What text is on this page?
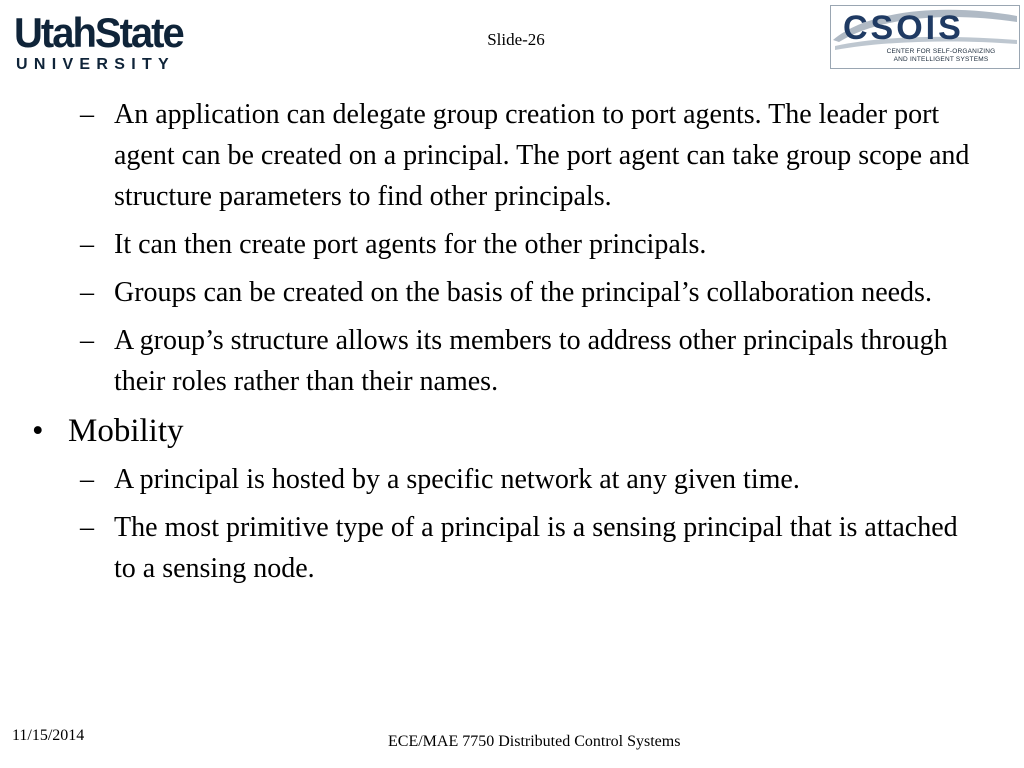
UtahState
UNIVERSITY
Slide-26	CSOIS
CENTER FOR SELF-ORGANIZING
AND INTELLIGENT SYSTEMS
– An application can delegate group creation to port agents. The leader port agent can be created on a principal. The port agent can take group scope and structure parameters to find other principals.
– It can then create port agents for the other principals.
– Groups can be created on the basis of the principal’s collaboration needs.
– A group’s structure allows its members to address other principals through their roles rather than their names.
• Mobility
– A principal is hosted by a specific network at any given time.
– The most primitive type of a principal is a sensing principal that is attached to a sensing node.
11/15/2014	ECE/MAE 7750 Distributed Control Systems
